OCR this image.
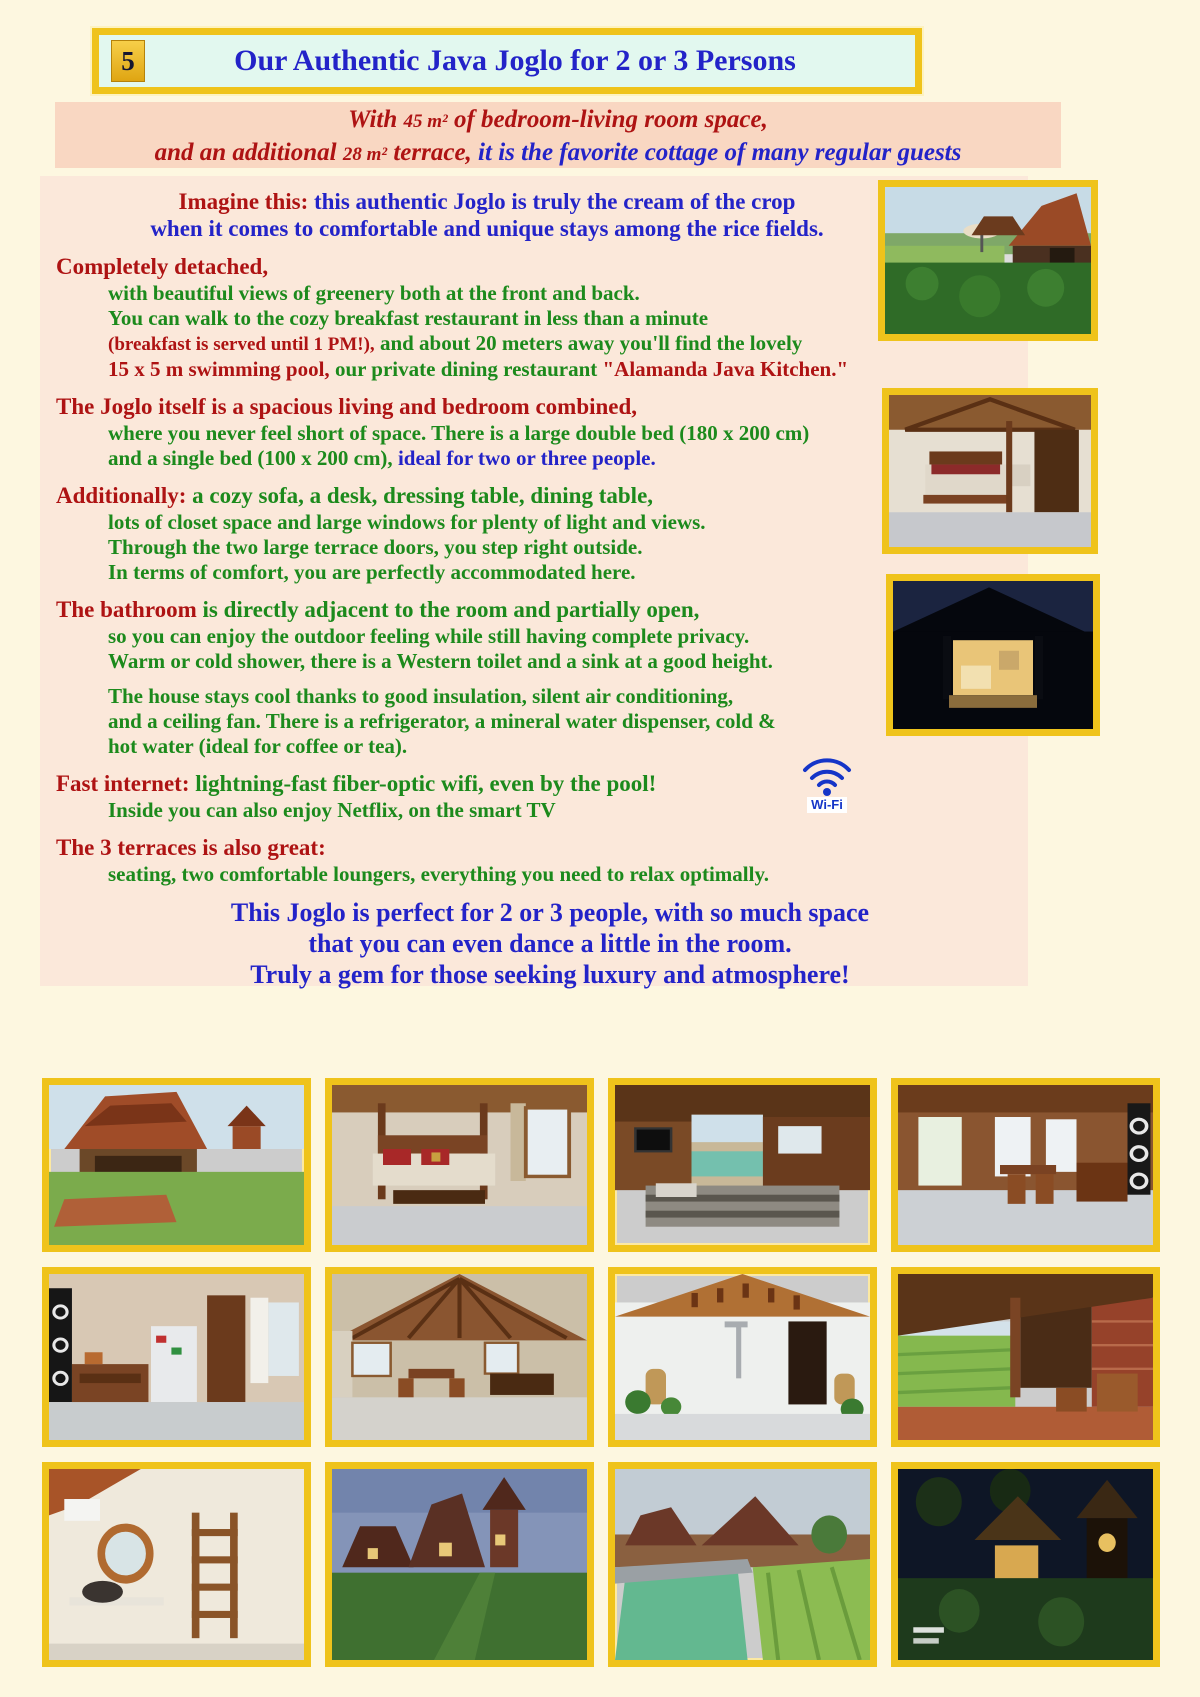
5	Our Authentic Java Joglo for 2 or 3 Persons
With 45 m² of bedroom-living room space,
and an additional 28 m² terrace, it is the favorite cottage of many regular guests
Imagine this: this authentic Joglo is truly the cream of the crop
when it comes to comfortable and unique stays among the rice fields.
Completely detached,
with beautiful views of greenery both at the front and back.
You can walk to the cozy breakfast restaurant in less than a minute
(breakfast is served until 1 PM!), and about 20 meters away you'll find the lovely
15 x 5 m swimming pool, our private dining restaurant "Alamanda Java Kitchen."
The Joglo itself is a spacious living and bedroom combined,
where you never feel short of space. There is a large double bed (180 x 200 cm)
and a single bed (100 x 200 cm), ideal for two or three people.
Additionally: a cozy sofa, a desk, dressing table, dining table,
lots of closet space and large windows for plenty of light and views.
Through the two large terrace doors, you step right outside.
In terms of comfort, you are perfectly accommodated here.
The bathroom is directly adjacent to the room and partially open,
so you can enjoy the outdoor feeling while still having complete privacy.
Warm or cold shower, there is a Western toilet and a sink at a good height.
The house stays cool thanks to good insulation, silent air conditioning,
and a ceiling fan. There is a refrigerator, a mineral water dispenser, cold &
hot water (ideal for coffee or tea).
Fast internet: lightning-fast fiber-optic wifi, even by the pool!
Inside you can also enjoy Netflix, on the smart TV
The 3 terraces is also great:
seating, two comfortable loungers, everything you need to relax optimally.
This Joglo is perfect for 2 or 3 people, with so much space
that you can even dance a little in the room.
Truly a gem for those seeking luxury and atmosphere!
Wi-Fi
